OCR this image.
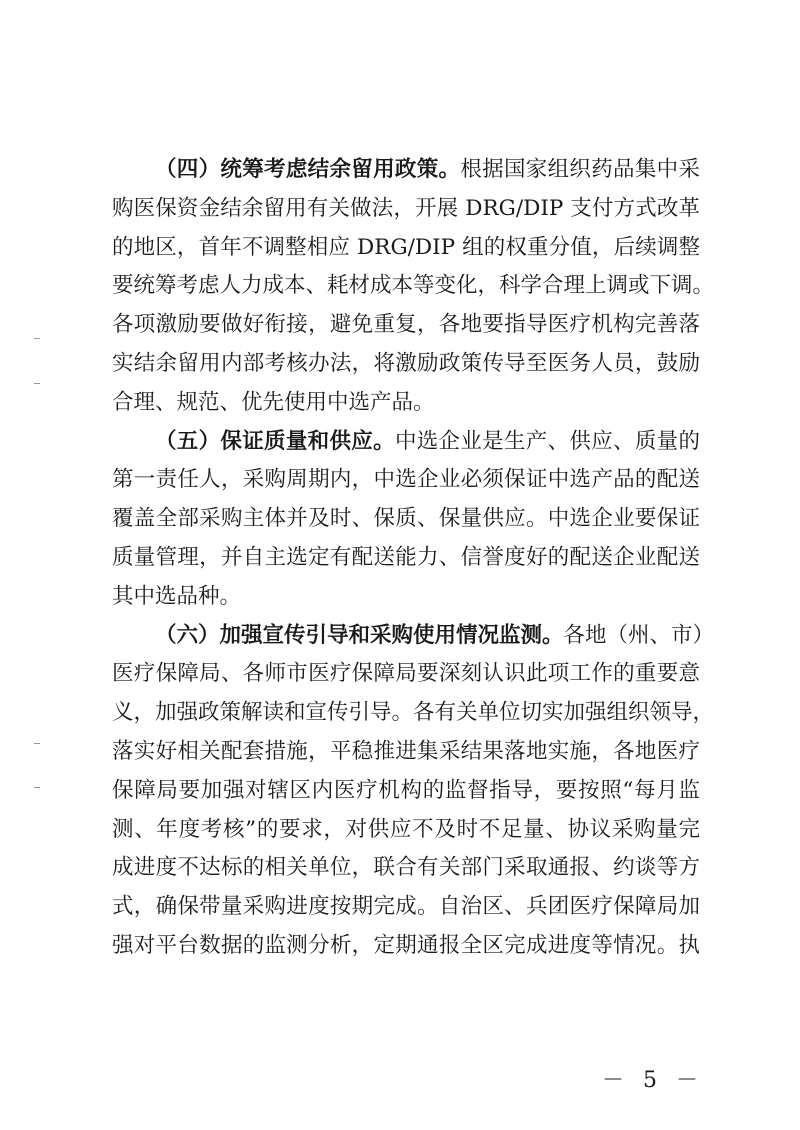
（四）统筹考虑结余留用政策。根据国家组织药品集中采
购医保资金结余留用有关做法，开展 DRG/DIP 支付方式改革
的地区，首年不调整相应 DRG/DIP 组的权重分值，后续调整
要统筹考虑人力成本、耗材成本等变化，科学合理上调或下调。
各项激励要做好衔接，避免重复，各地要指导医疗机构完善落
实结余留用内部考核办法，将激励政策传导至医务人员，鼓励
合理、规范、优先使用中选产品。
（五）保证质量和供应。中选企业是生产、供应、质量的
第一责任人，采购周期内，中选企业必须保证中选产品的配送
覆盖全部采购主体并及时、保质、保量供应。中选企业要保证
质量管理，并自主选定有配送能力、信誉度好的配送企业配送
其中选品种。
（六）加强宣传引导和采购使用情况监测。各地（州、市）
医疗保障局、各师市医疗保障局要深刻认识此项工作的重要意
义，加强政策解读和宣传引导。各有关单位切实加强组织领导，
落实好相关配套措施，平稳推进集采结果落地实施，各地医疗
保障局要加强对辖区内医疗机构的监督指导，要按照“每月监
测、年度考核”的要求，对供应不及时不足量、协议采购量完
成进度不达标的相关单位，联合有关部门采取通报、约谈等方
式，确保带量采购进度按期完成。自治区、兵团医疗保障局加
强对平台数据的监测分析，定期通报全区完成进度等情况。执
－ 5 －
